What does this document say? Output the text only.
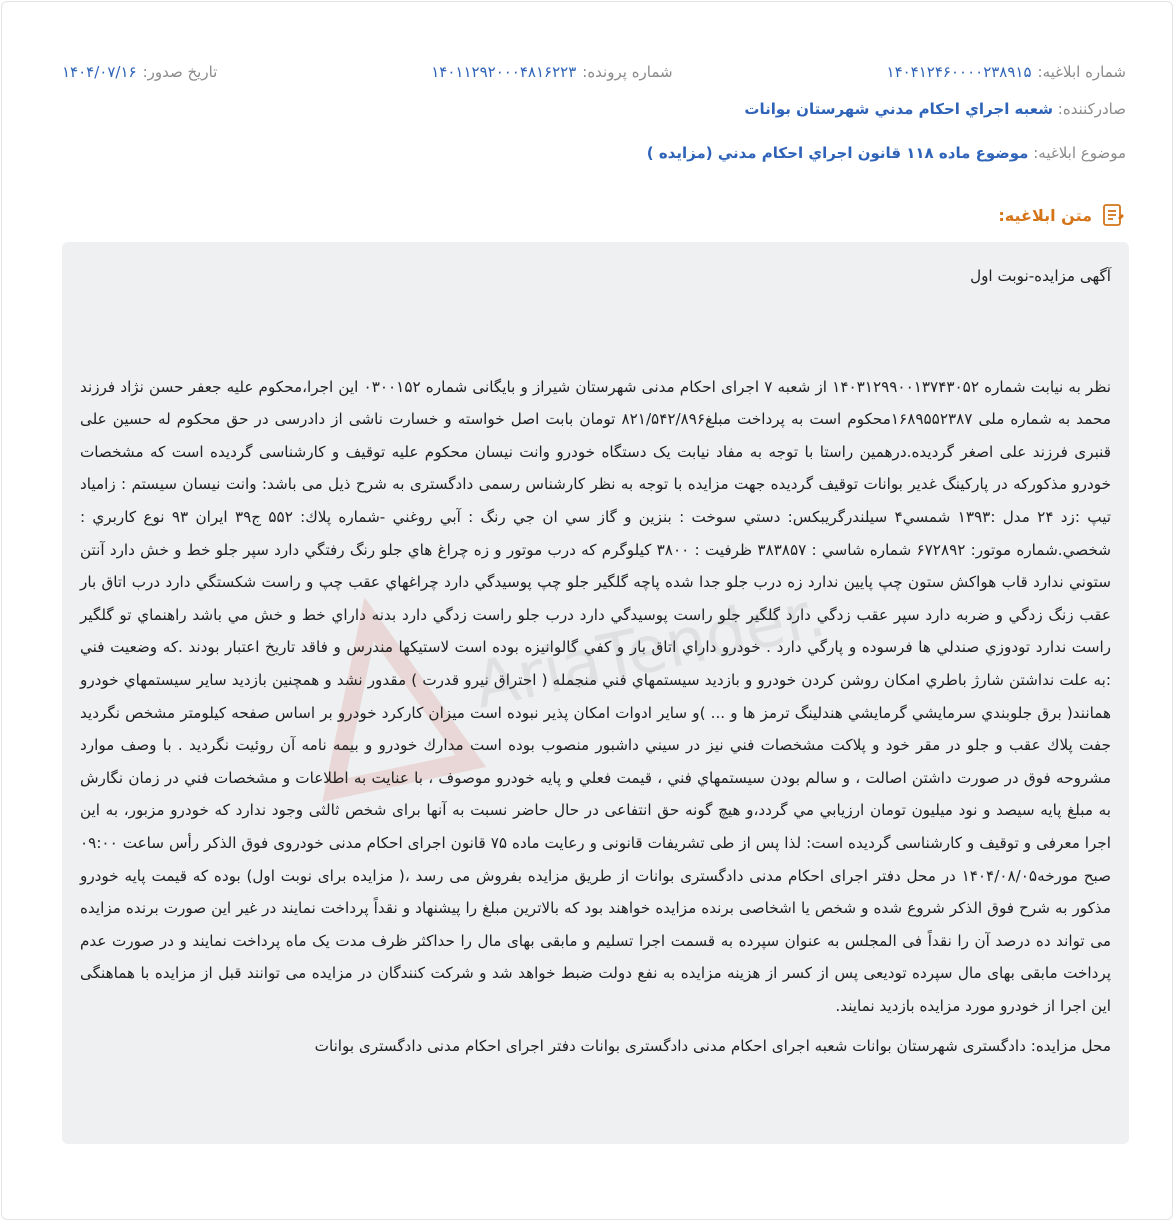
شماره ابلاغیه:
۱۴۰۴۱۲۴۶۰۰۰۰۲۳۸۹۱۵
شماره پرونده:
۱۴۰۱۱۲۹۲۰۰۰۴۸۱۶۲۲۳
تاریخ صدور:
۱۴۰۴/۰۷/۱۶
صادرکننده: شعبه اجراي احكام مدني شهرستان بوانات
موضوع ابلاغیه: موضوع ماده ۱۱۸ قانون اجراي احكام مدني (مزايده )
متن ابلاغیه:
AriaTender.net

آگهی مزایده-نوبت اول

نظر به نیابت شماره ۱۴۰۳۱۲۹۹۰۰۱۳۷۴۳۰۵۲ از شعبه ۷ اجرای احکام مدنی شهرستان شیراز و بایگانی شماره ۰۳۰۰۱۵۲ این اجرا،محکوم علیه جعفر حسن نژاد فرزند محمد به شماره ملی ۱۶۸۹۵۵۲۳۸۷محکوم است به پرداخت مبلغ۸۲۱/۵۴۲/۸۹۶ تومان بابت اصل خواسته و خسارت ناشی از دادرسی در حق محکوم له حسین علی قنبری فرزند علی اصغر گردیده.درهمین راستا با توجه به مفاد نیابت یک دستگاه خودرو وانت نیسان محکوم علیه توقیف و کارشناسی گردیده است که مشخصات خودرو مذکورکه در پارکینگ غدیر بوانات توقیف گردیده جهت مزایده با توجه به نظر کارشناس رسمی دادگستری به شرح ذیل می باشد: وانت نيسان سيستم : زامياد تيپ :زد ۲۴ مدل :۱۳۹۳ شمسي۴ سيلندرگريبكس: دستي سوخت : بنزين و گاز سي ان جي رنگ : آبي روغني -شماره پلاك: ۵۵۲ ج۳۹ ايران ۹۳ نوع كاربري : شخصي.شماره موتور: ۶۷۲۸۹۲ شماره شاسي : ۳۸۳۸۵۷ ظرفيت : ۳۸۰۰ كيلوگرم كه درب موتور و زه چراغ هاي جلو رنگ رفتگي دارد سپر جلو خط و خش دارد آنتن ستوني ندارد قاب هواكش ستون چپ پايين ندارد زه درب جلو جدا شده پاچه گلگير جلو چپ پوسيدگي دارد چراغهاي عقب چپ و راست شكستگي دارد درب اتاق بار عقب زنگ زدگي و ضربه دارد سپر عقب زدگي دارد گلگير جلو راست پوسيدگي دارد درب جلو راست زدگي دارد بدنه داراي خط و خش مي باشد راهنماي تو گلگير راست ندارد تودوزي صندلي ها فرسوده و پارگي دارد . خودرو داراي اتاق بار و كفي گالوانيزه بوده است لاستيكها مندرس و فاقد تاريخ اعتبار بودند .كه وضعيت فني :به علت نداشتن شارژ باطري امكان روشن كردن خودرو و بازديد سيستمهاي فني منجمله ( احتراق نيرو قدرت ) مقدور نشد و همچنين بازديد ساير سيستمهاي خودرو همانند( برق جلوبندي سرمايشي گرمايشي هندلينگ ترمز ها و ... )و ساير ادوات امكان پذير نبوده است ميزان كاركرد خودرو بر اساس صفحه كيلومتر مشخص نگرديد جفت پلاك عقب و جلو در مقر خود و پلاكت مشخصات فني نيز در سيني داشبور منصوب بوده است مدارك خودرو و بيمه نامه آن روئيت نگرديد . با وصف موارد مشروحه فوق در صورت داشتن اصالت ، و سالم بودن سيستمهاي فني ، قيمت فعلي و پايه خودرو موصوف ، با عنايت به اطلاعات و مشخصات فني در زمان نگارش به مبلغ پایه سیصد و نود میلیون تومان ارزيابي مي گردد،و هيچ گونه حق انتفاعی در حال حاضر نسبت به آنها برای شخص ثالثی وجود ندارد که خودرو مزبور، به این اجرا معرفی و توقیف و کارشناسی گردیده است: لذا پس از طی تشریفات قانونی و رعایت ماده ۷۵ قانون اجرای احکام مدنی خودروی فوق الذکر رأس ساعت ۰۹:۰۰ صبح مورخه۱۴۰۴/۰۸/۰۵ در محل دفتر اجرای احکام مدنی دادگستری بوانات از طریق مزایده بفروش می رسد ،( مزایده برای نوبت اول) بوده که قیمت پایه خودرو مذکور به شرح فوق الذکر شروع شده و شخص یا اشخاصی برنده مزایده خواهند بود که بالاترین مبلغ را پیشنهاد و نقداً پرداخت نمایند در غیر این صورت برنده مزایده می تواند ده درصد آن را نقداً فی المجلس به عنوان سپرده به قسمت اجرا تسلیم و مابقی بهای مال را حداکثر ظرف مدت یک ماه پرداخت نمایند و در صورت عدم پرداخت مابقی بهای مال سپرده تودیعی پس از کسر از هزینه مزایده به نفع دولت ضبط خواهد شد و شرکت کنندگان در مزایده می توانند قبل از مزایده با هماهنگی این اجرا از خودرو مورد مزایده بازدید نمایند.

محل مزایده: دادگستری شهرستان بوانات شعبه اجرای احکام مدنی دادگستری بوانات دفتر اجرای احکام مدنی دادگستری بوانات
